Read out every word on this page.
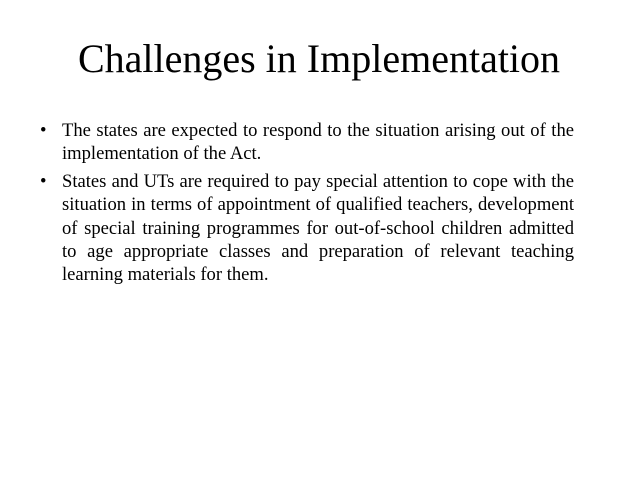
Challenges in Implementation
• The states are expected to respond to the situation arising out of the implementation of the Act.
• States and UTs are required to pay special attention to cope with the situation in terms of appointment of qualified teachers, development of special training programmes for out-of-school children admitted to age appropriate classes and preparation of relevant teaching learning materials for them.
